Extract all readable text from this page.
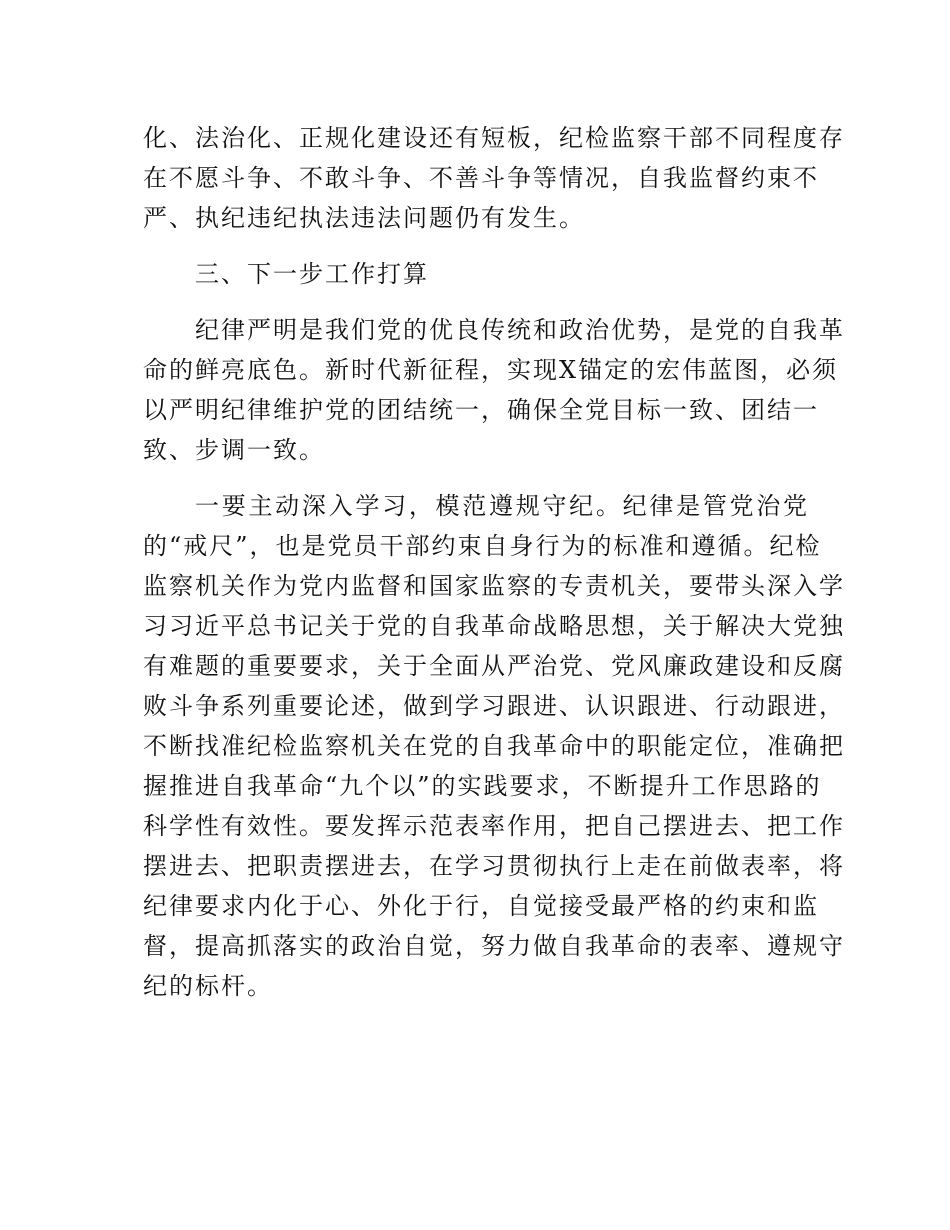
化、法治化、正规化建设还有短板，纪检监察干部不同程度存
在不愿斗争、不敢斗争、不善斗争等情况，自我监督约束不
严、执纪违纪执法违法问题仍有发生。
三、下一步工作打算
纪律严明是我们党的优良传统和政治优势，是党的自我革
命的鲜亮底色。新时代新征程，实现X锚定的宏伟蓝图，必须
以严明纪律维护党的团结统一，确保全党目标一致、团结一
致、步调一致。
一要主动深入学习，模范遵规守纪。纪律是管党治党
的“戒尺”，也是党员干部约束自身行为的标准和遵循。纪检
监察机关作为党内监督和国家监察的专责机关，要带头深入学
习习近平总书记关于党的自我革命战略思想，关于解决大党独
有难题的重要要求，关于全面从严治党、党风廉政建设和反腐
败斗争系列重要论述，做到学习跟进、认识跟进、行动跟进，
不断找准纪检监察机关在党的自我革命中的职能定位，准确把
握推进自我革命“九个以”的实践要求，不断提升工作思路的
科学性有效性。要发挥示范表率作用，把自己摆进去、把工作
摆进去、把职责摆进去，在学习贯彻执行上走在前做表率，将
纪律要求内化于心、外化于行，自觉接受最严格的约束和监
督，提高抓落实的政治自觉，努力做自我革命的表率、遵规守
纪的标杆。
